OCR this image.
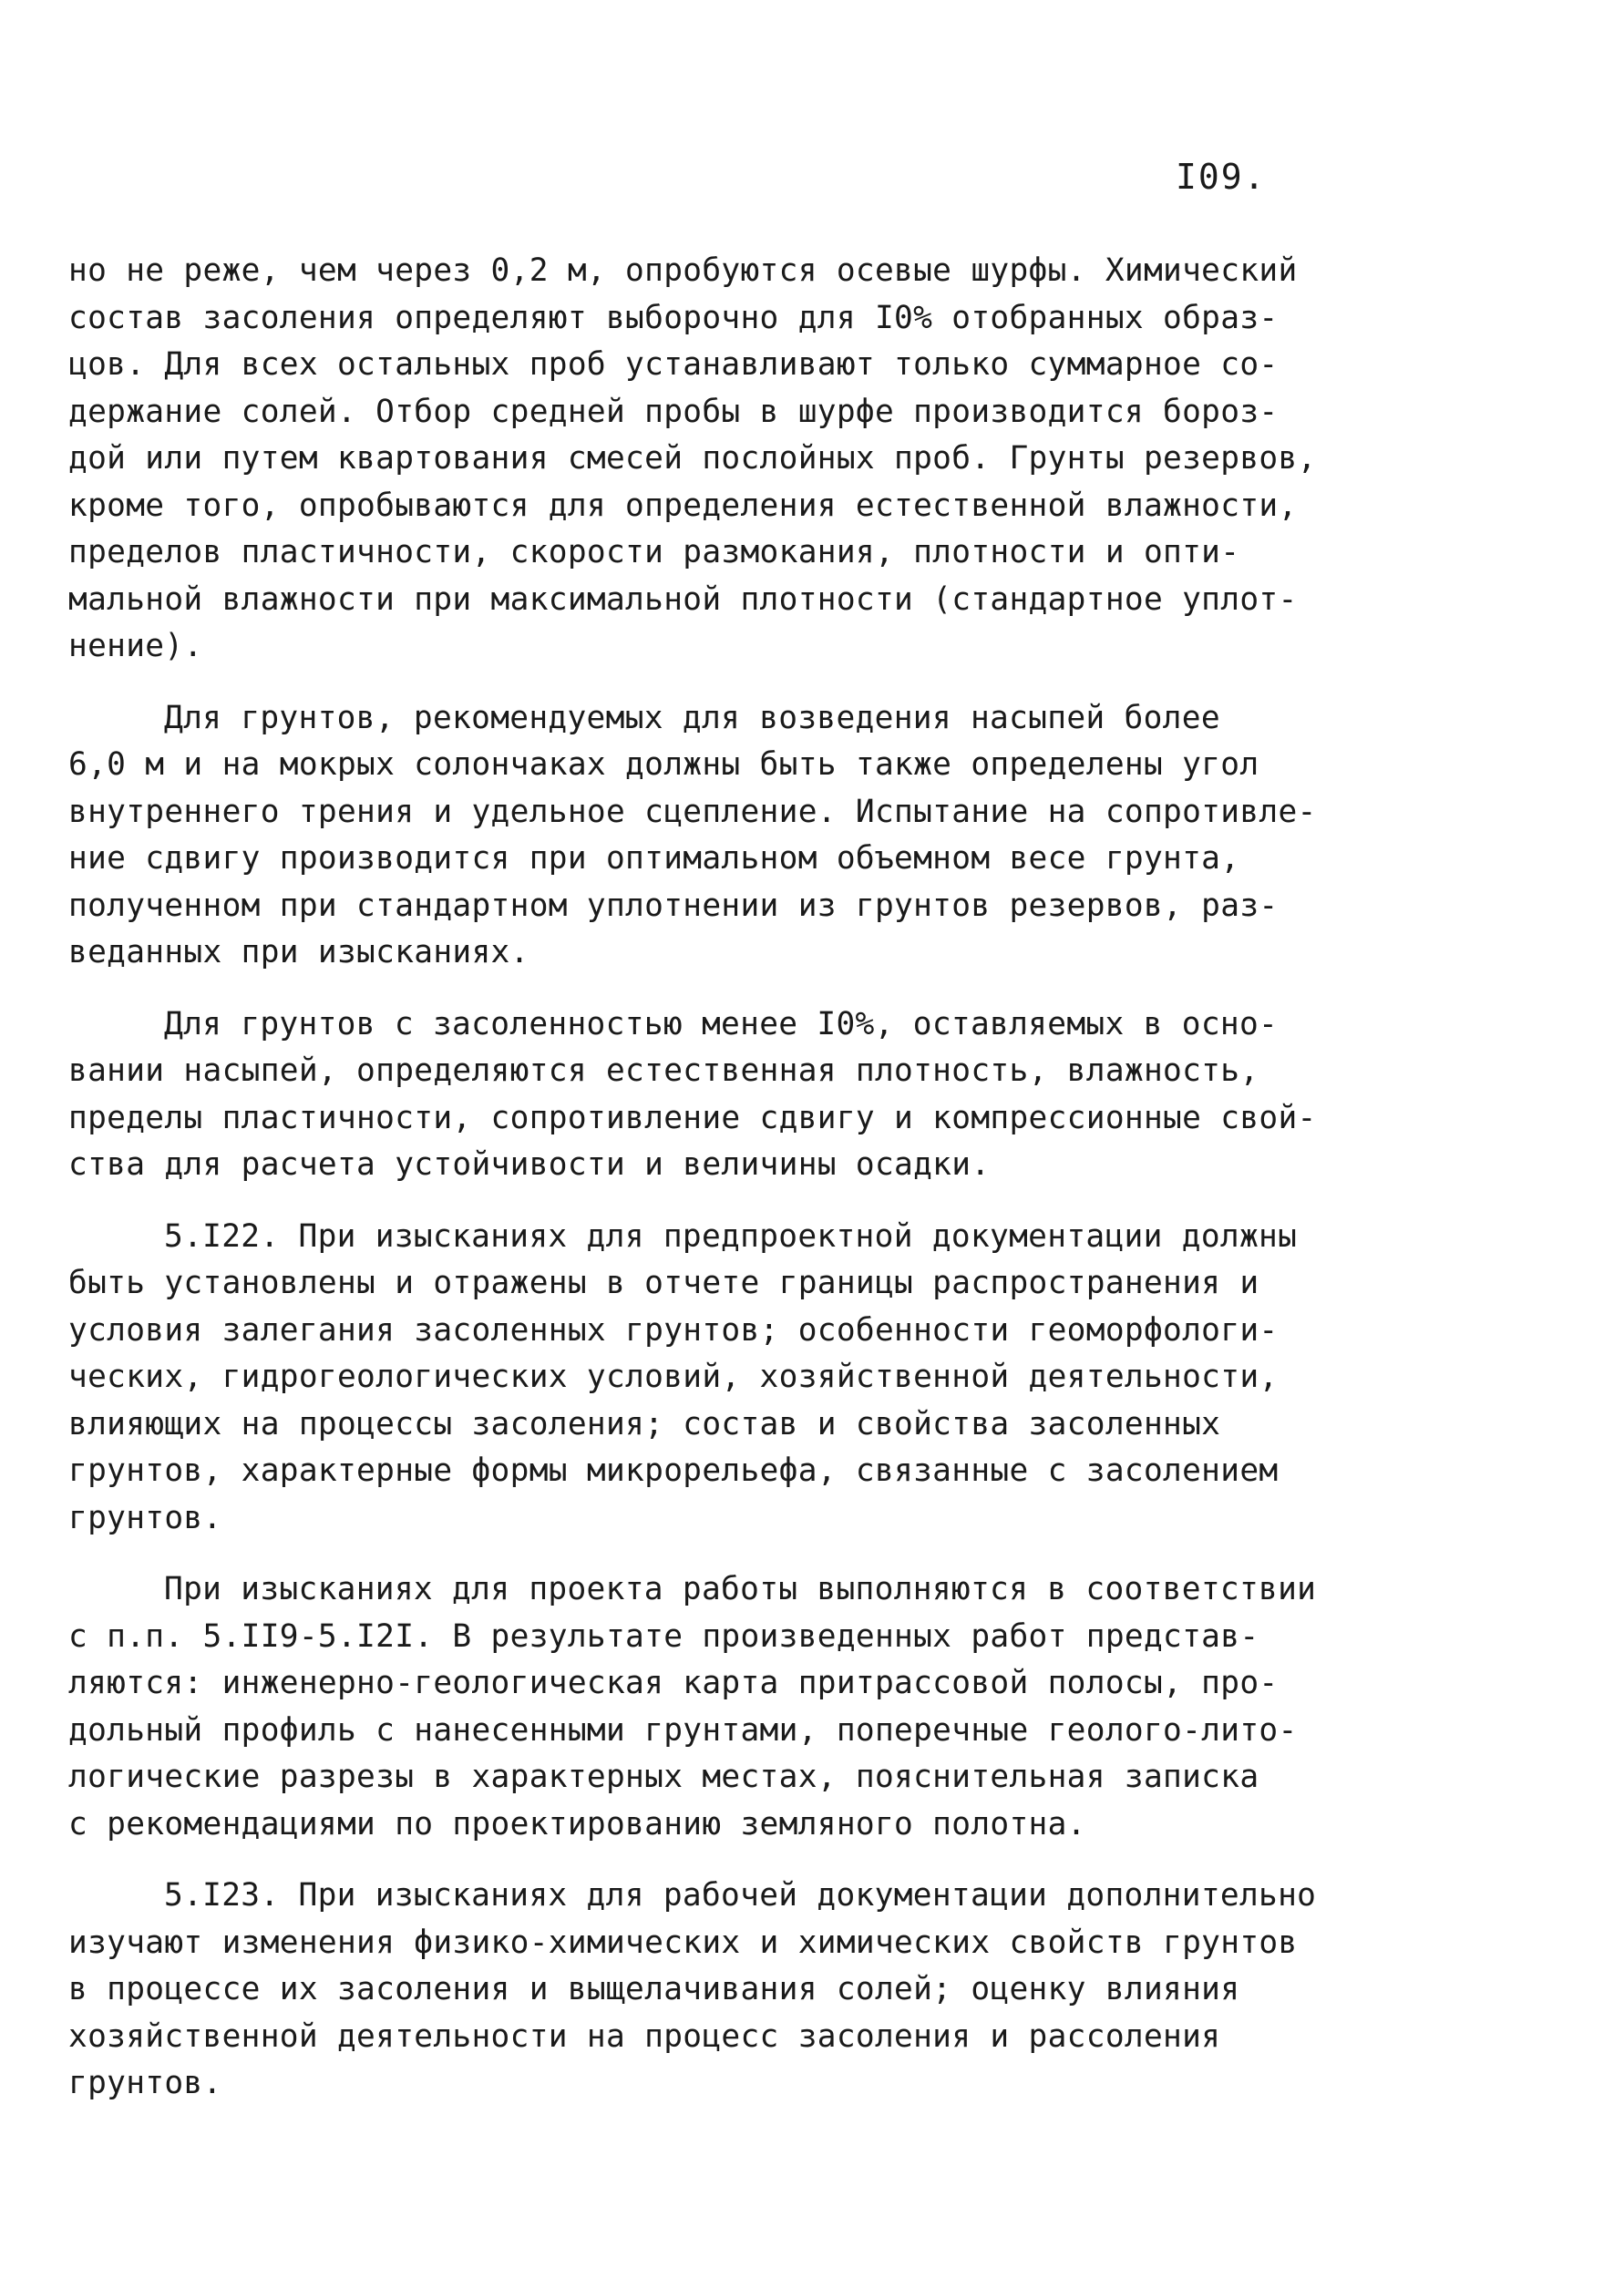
I09.

но не реже, чем через 0,2 м, опробуются осевые шурфы. Химический
состав засоления определяют выборочно для I0% отобранных образ-
цов. Для всех остальных проб устанавливают только суммарное со-
держание солей. Отбор средней пробы в шурфе производится бороз-
дой или путем квартования смесей послойных проб. Грунты резервов,
кроме того, опробываются для определения естественной влажности,
пределов пластичности, скорости размокания, плотности и опти-
мальной влажности при максимальной плотности (стандартное уплот-
нение).

Для грунтов, рекомендуемых для возведения насыпей более
6,0 м и на мокрых солончаках должны быть также определены угол
внутреннего трения и удельное сцепление. Испытание на сопротивле-
ние сдвигу производится при оптимальном объемном весе грунта,
полученном при стандартном уплотнении из грунтов резервов, раз-
веданных при изысканиях.

Для грунтов с засоленностью менее I0%, оставляемых в осно-
вании насыпей, определяются естественная плотность, влажность,
пределы пластичности, сопротивление сдвигу и компрессионные свой-
ства для расчета устойчивости и величины осадки.

5.I22. При изысканиях для предпроектной документации должны
быть установлены и отражены в отчете границы распространения и
условия залегания засоленных грунтов; особенности геоморфологи-
ческих, гидрогеологических условий, хозяйственной деятельности,
влияющих на процессы засоления; состав и свойства засоленных
грунтов, характерные формы микрорельефа, связанные с засолением
грунтов.

При изысканиях для проекта работы выполняются в соответствии
с п.п. 5.II9-5.I2I. В результате произведенных работ представ-
ляются: инженерно-геологическая карта притрассовой полосы, про-
дольный профиль с нанесенными грунтами, поперечные геолого-лито-
логические разрезы в характерных местах, пояснительная записка
с рекомендациями по проектированию земляного полотна.

5.I23. При изысканиях для рабочей документации дополнительно
изучают изменения физико-химических и химических свойств грунтов
в процессе их засоления и выщелачивания солей; оценку влияния
хозяйственной деятельности на процесс засоления и рассоления
грунтов.
